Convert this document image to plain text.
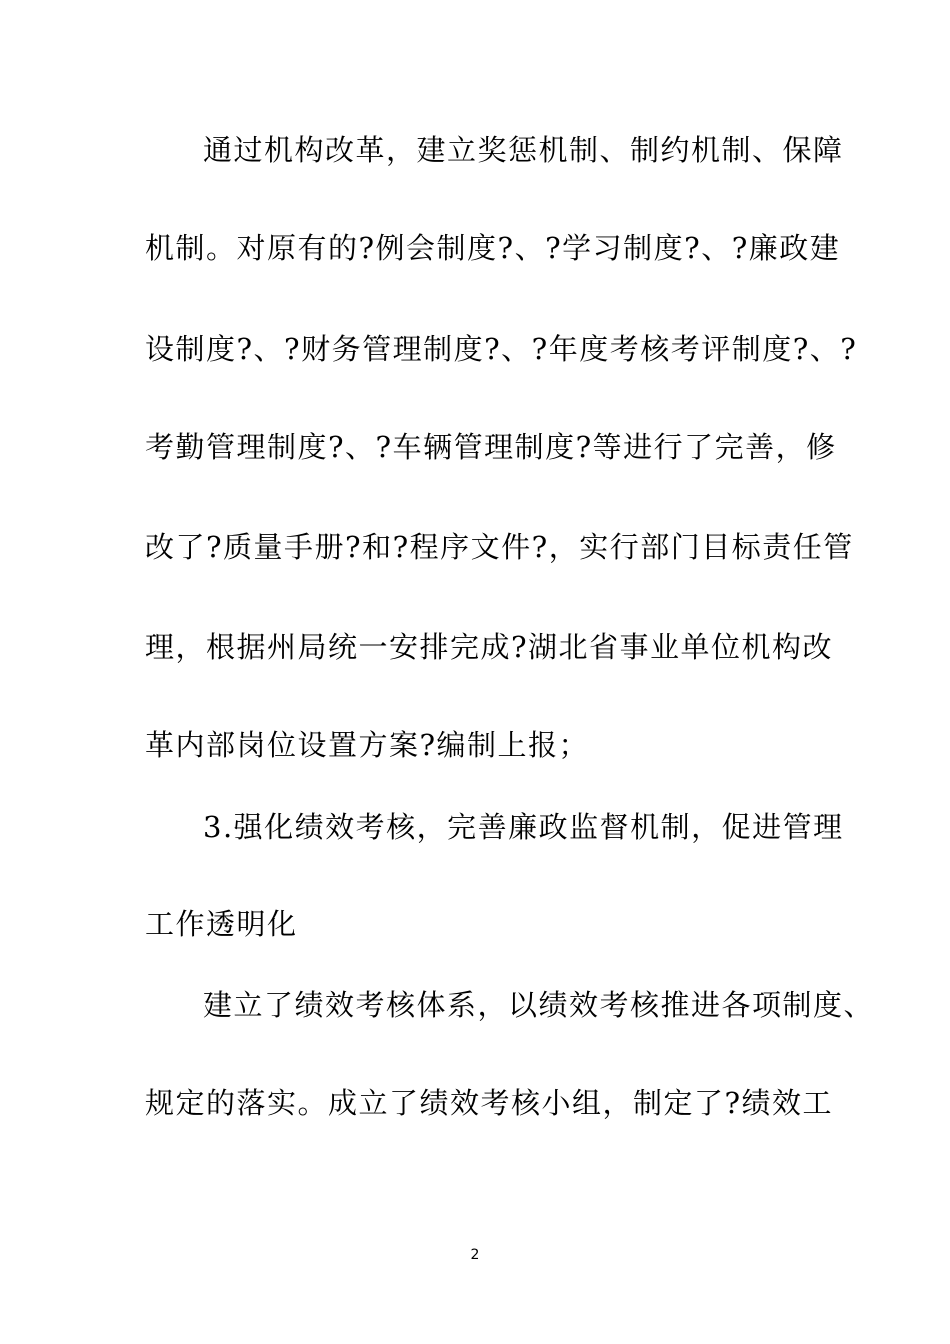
通过机构改革，建立奖惩机制、制约机制、保障
机制。对原有的?例会制度?、?学习制度?、?廉政建
设制度?、?财务管理制度?、?年度考核考评制度?、?
考勤管理制度?、?车辆管理制度?等进行了完善，修
改了?质量手册?和?程序文件?，实行部门目标责任管
理，根据州局统一安排完成?湖北省事业单位机构改
革内部岗位设置方案?编制上报；
3.强化绩效考核，完善廉政监督机制，促进管理
工作透明化
建立了绩效考核体系，以绩效考核推进各项制度、
规定的落实。成立了绩效考核小组，制定了?绩效工
2
